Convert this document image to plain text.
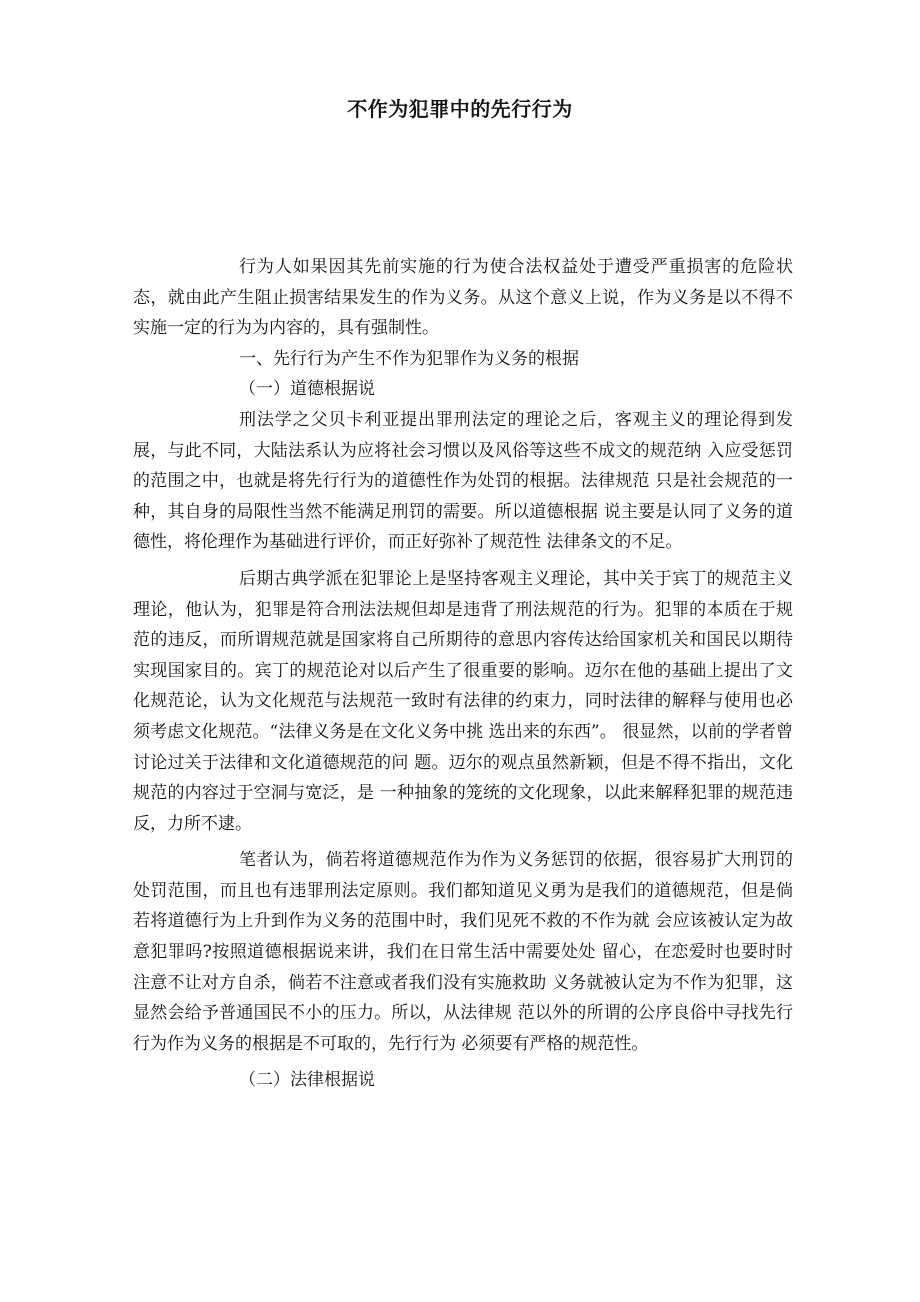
不作为犯罪中的先行行为

行为人如果因其先前实施的行为使合法权益处于遭受严重损害的危险状态，就由此产生阻止损害结果发生的作为义务。从这个意义上说，作为义务是以不得不实施一定的行为为内容的，具有强制性。

一、先行行为产生不作为犯罪作为义务的根据

（一）道德根据说

刑法学之父贝卡利亚提出罪刑法定的理论之后，客观主义的理论得到发展，与此不同，大陆法系认为应将社会习惯以及风俗等这些不成文的规范纳 入应受惩罚的范围之中，也就是将先行行为的道德性作为处罚的根据。法律规范 只是社会规范的一种，其自身的局限性当然不能满足刑罚的需要。所以道德根据 说主要是认同了义务的道德性，将伦理作为基础进行评价，而正好弥补了规范性 法律条文的不足。

后期古典学派在犯罪论上是坚持客观主义理论，其中关于宾丁的规范主义理论，他认为，犯罪是符合刑法法规但却是违背了刑法规范的行为。犯罪的本质在于规范的违反，而所谓规范就是国家将自己所期待的意思内容传达给国家机关和国民以期待实现国家目的。宾丁的规范论对以后产生了很重要的影响。迈尔在他的基础上提出了文化规范论，认为文化规范与法规范一致时有法律的约束力，同时法律的解释与使用也必须考虑文化规范。“法律义务是在文化义务中挑 选出来的东西”。 很显然，以前的学者曾讨论过关于法律和文化道德规范的问 题。迈尔的观点虽然新颖，但是不得不指出，文化规范的内容过于空洞与宽泛，是 一种抽象的笼统的文化现象，以此来解释犯罪的规范违反，力所不逮。

笔者认为，倘若将道德规范作为作为义务惩罚的依据，很容易扩大刑罚的处罚范围，而且也有违罪刑法定原则。我们都知道见义勇为是我们的道德规范，但是倘若将道德行为上升到作为义务的范围中时，我们见死不救的不作为就 会应该被认定为故意犯罪吗?按照道德根据说来讲，我们在日常生活中需要处处 留心，在恋爱时也要时时注意不让对方自杀，倘若不注意或者我们没有实施救助 义务就被认定为不作为犯罪，这显然会给予普通国民不小的压力。所以，从法律规 范以外的所谓的公序良俗中寻找先行行为作为义务的根据是不可取的，先行行为 必须要有严格的规范性。

（二）法律根据说
